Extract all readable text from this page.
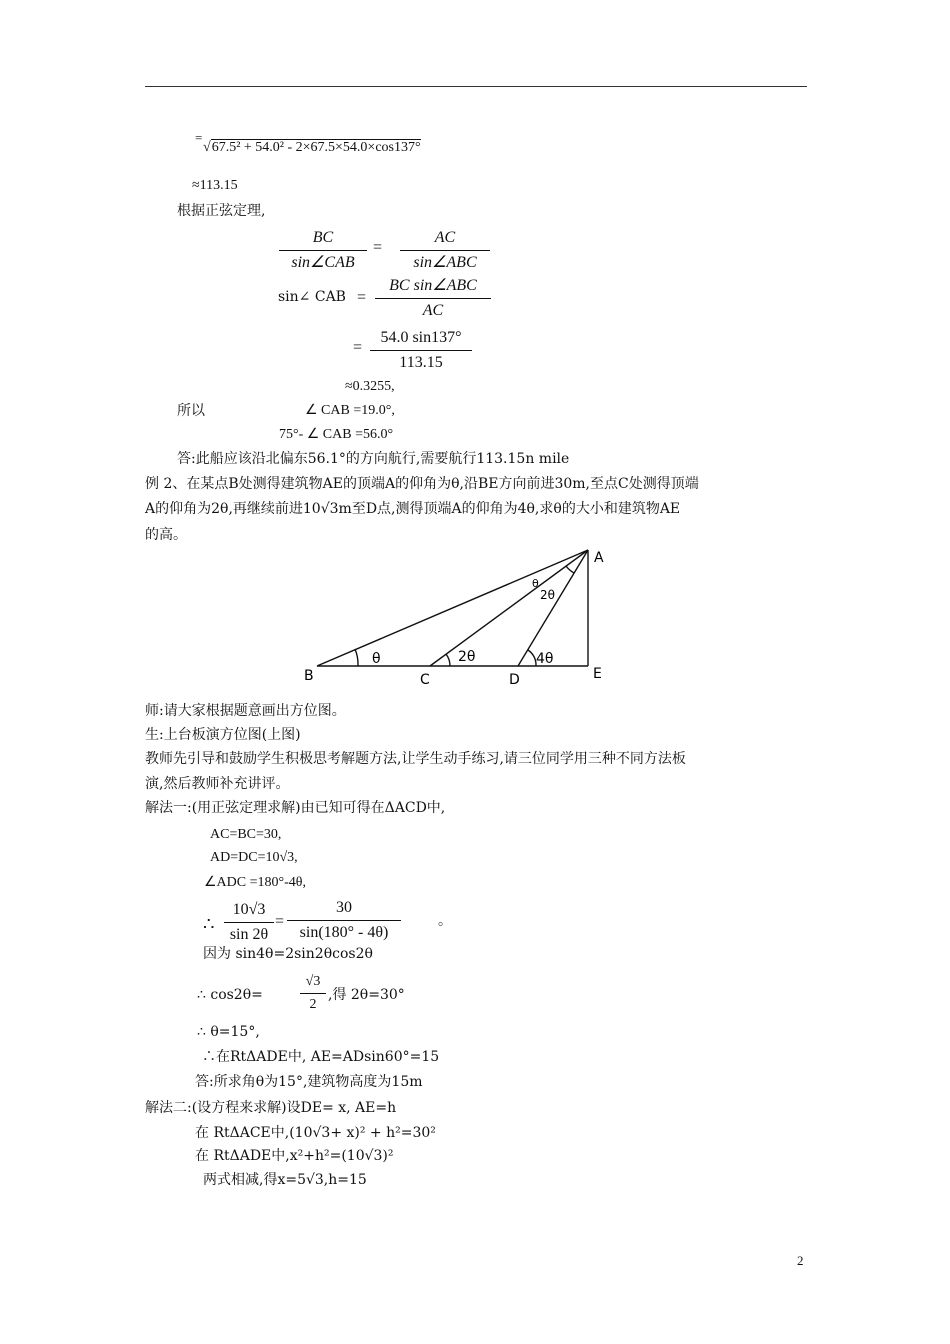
=
√67.5² + 54.0² - 2×67.5×54.0×cos137°
≈113.15
根据正弦定理,
BC
sin∠CAB
=
AC
sin∠ABC
sin∠ CAB =
BC sin∠ABC
AC
=
54.0 sin137°
113.15
≈0.3255,
所以	∠ CAB =19.0°,
75°- ∠ CAB =56.0°
答:此船应该沿北偏东56.1°的方向航行,需要航行113.15n mile
例 2、在某点B处测得建筑物AE的顶端A的仰角为θ,沿BE方向前进30m,至点C处测得顶端
A的仰角为2θ,再继续前进10√3m至D点,测得顶端A的仰角为4θ,求θ的大小和建筑物AE
的高。
B	C	D	E
A
θ	2θ	4θ
θ
2θ
师:请大家根据题意画出方位图。
生:上台板演方位图(上图)
教师先引导和鼓励学生积极思考解题方法,让学生动手练习,请三位同学用三种不同方法板
演,然后教师补充讲评。
解法一:(用正弦定理求解)由已知可得在ΔACD中,
AC=BC=30,
AD=DC=10√3,
∠ADC =180°-4θ,
∴
10√3
sin 2θ
=
30
sin(180° - 4θ)
。
因为 sin4θ=2sin2θcos2θ
∴ cos2θ=
√3
2
,得 2θ=30°
∴ θ=15°,
∴在RtΔADE中, AE=ADsin60°=15
答:所求角θ为15°,建筑物高度为15m
解法二:(设方程来求解)设DE= x, AE=h
在 RtΔACE中,(10√3+ x)² + h²=30²
在 RtΔADE中,x²+h²=(10√3)²
两式相减,得x=5√3,h=15
2
